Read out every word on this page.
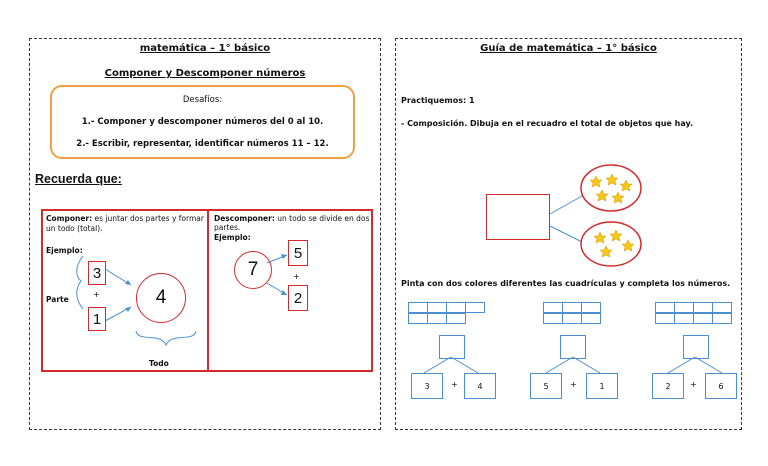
matemática – 1° básico
Componer y Descomponer números
Desafíos:
1.- Componer y descomponer números del 0 al 10.
2.- Escribir, representar, identificar números 11 – 12.
Recuerda que:
Componer: es juntar dos partes y formar un todo (total).
Ejemplo:
3
+
1
4
Parte
Todo
Descomponer: un todo se divide en dos partes.
Ejemplo:
7
5
+
2
Guía de matemática – 1° básico
Practiquemos: 1
- Composición. Dibuja en el recuadro el total de objetos que hay.
Pinta con dos colores diferentes las cuadrículas y completa los números.
3	+	4	5	+	1	2	+	6
